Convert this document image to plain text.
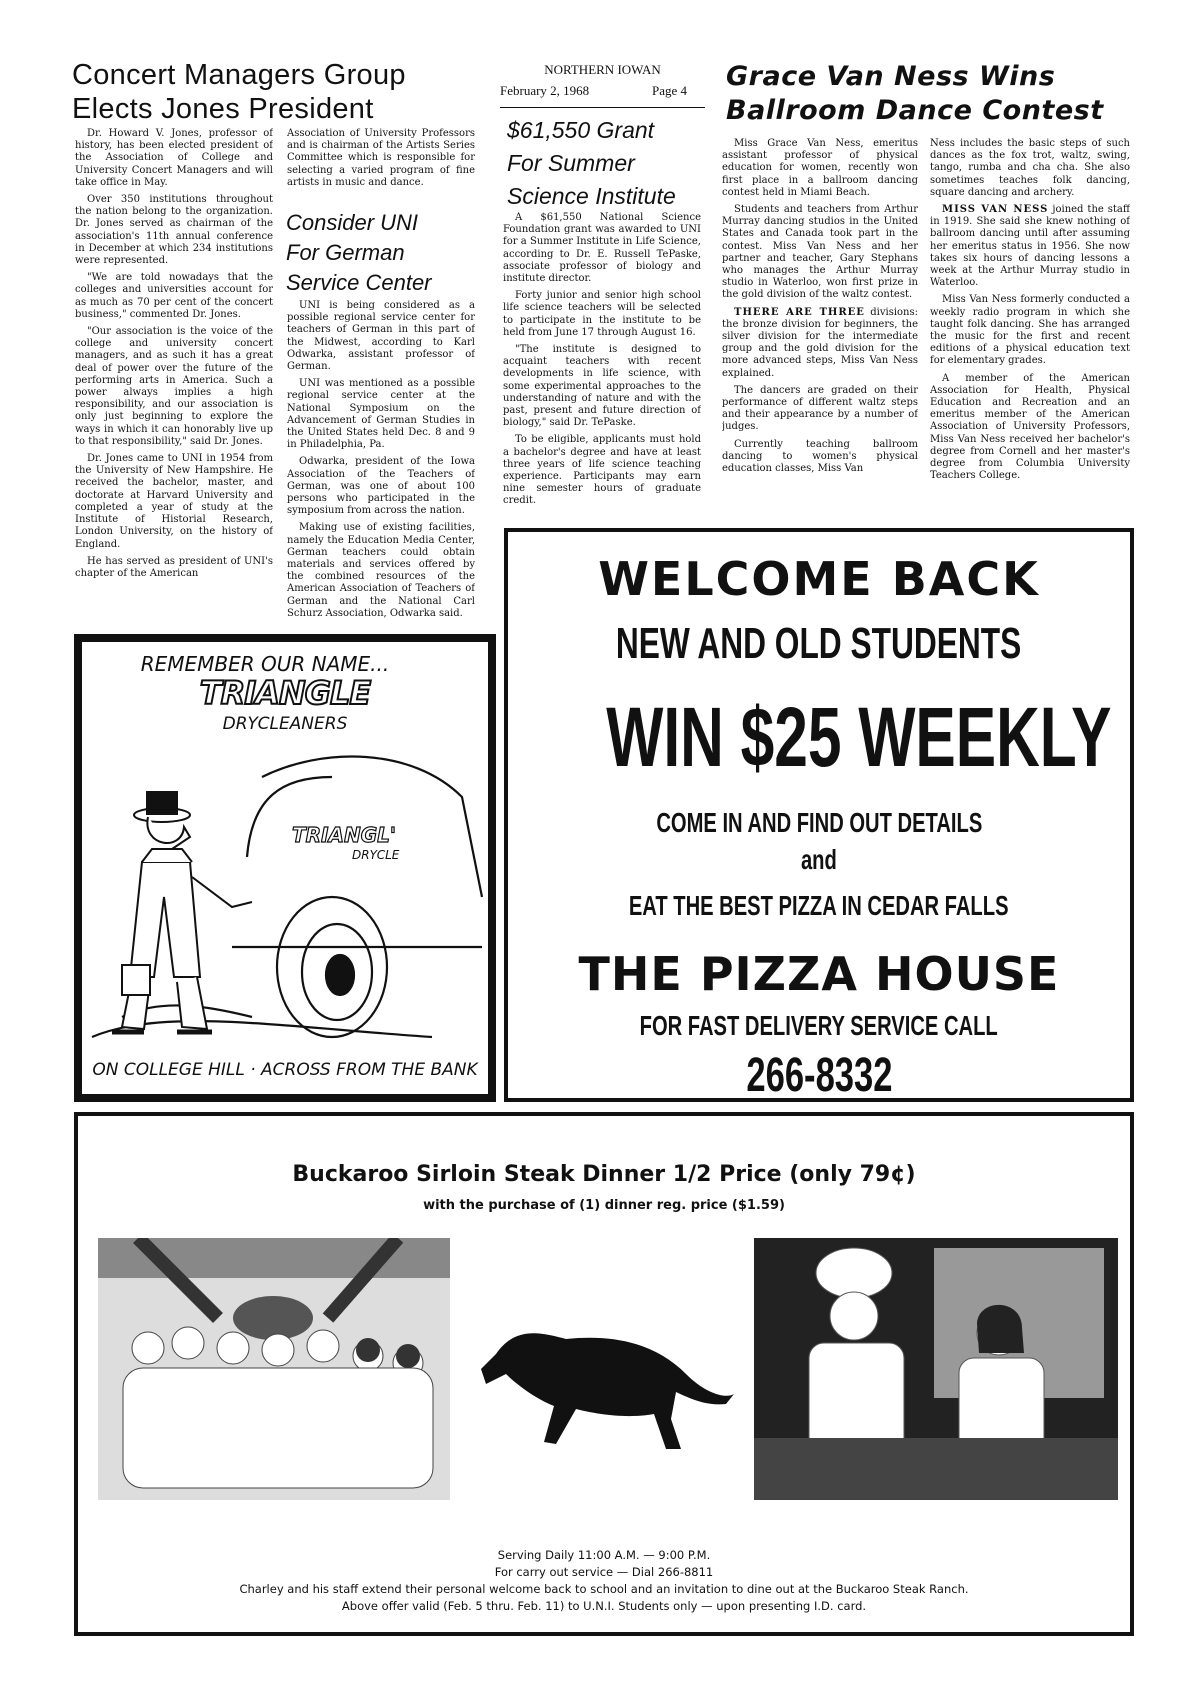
Concert Managers Group
Elects Jones President

Dr. Howard V. Jones, professor of history, has been elected president of the Association of College and University Concert Managers and will take office in May.

Over 350 institutions throughout the nation belong to the organization. Dr. Jones served as chairman of the association's 11th annual conference in December at which 234 institutions were represented.

"We are told nowadays that the colleges and universities account for as much as 70 per cent of the concert business," commented Dr. Jones.

"Our association is the voice of the college and university concert managers, and as such it has a great deal of power over the future of the performing arts in America. Such a power always implies a high responsibility, and our association is only just beginning to explore the ways in which it can honorably live up to that responsibility," said Dr. Jones.

Dr. Jones came to UNI in 1954 from the University of New Hampshire. He received the bachelor, master, and doctorate at Harvard University and completed a year of study at the Institute of Historial Research, London University, on the history of England.

He has served as president of UNI's chapter of the American

Association of University Professors and is chairman of the Artists Series Committee which is responsible for selecting a varied program of fine artists in music and dance.

Consider UNI
For German
Service Center

UNI is being considered as a possible regional service center for teachers of German in this part of the Midwest, according to Karl Odwarka, assistant professor of German.

UNI was mentioned as a possible regional service center at the National Symposium on the Advancement of German Studies in the United States held Dec. 8 and 9 in Philadelphia, Pa.

Odwarka, president of the Iowa Association of the Teachers of German, was one of about 100 persons who participated in the symposium from across the nation.

Making use of existing facilities, namely the Education Media Center, German teachers could obtain materials and services offered by the combined resources of the American Association of Teachers of German and the National Carl Schurz Association, Odwarka said.

NORTHERN IOWAN
February 2, 1968	Page 4
$61,550 Grant
For Summer
Science Institute

A $61,550 National Science Foundation grant was awarded to UNI for a Summer Institute in Life Science, according to Dr. E. Russell TePaske, associate professor of biology and institute director.

Forty junior and senior high school life science teachers will be selected to participate in the institute to be held from June 17 through August 16.

"The institute is designed to acquaint teachers with recent developments in life science, with some experimental approaches to the understanding of nature and with the past, present and future direction of biology," said Dr. TePaske.

To be eligible, applicants must hold a bachelor's degree and have at least three years of life science teaching experience. Participants may earn nine semester hours of graduate credit.

Grace Van Ness Wins
Ballroom Dance Contest

Miss Grace Van Ness, emeritus assistant professor of physical education for women, recently won first place in a ballroom dancing contest held in Miami Beach.

Students and teachers from Arthur Murray dancing studios in the United States and Canada took part in the contest. Miss Van Ness and her partner and teacher, Gary Stephans who manages the Arthur Murray studio in Waterloo, won first prize in the gold division of the waltz contest.

THERE ARE THREE divisions: the bronze division for beginners, the silver division for the intermediate group and the gold division for the more advanced steps, Miss Van Ness explained.

The dancers are graded on their performance of different waltz steps and their appearance by a number of judges.

Currently teaching ballroom dancing to women's physical education classes, Miss Van

Ness includes the basic steps of such dances as the fox trot, waltz, swing, tango, rumba and cha cha. She also sometimes teaches folk dancing, square dancing and archery.

MISS VAN NESS joined the staff in 1919. She said she knew nothing of ballroom dancing until after assuming her emeritus status in 1956. She now takes six hours of dancing lessons a week at the Arthur Murray studio in Waterloo.

Miss Van Ness formerly conducted a weekly radio program in which she taught folk dancing. She has arranged the music for the first and recent editions of a physical education text for elementary grades.

A member of the American Association for Health, Physical Education and Recreation and an emeritus member of the American Association of University Professors, Miss Van Ness received her bachelor's degree from Cornell and her master's degree from Columbia University Teachers College.

REMEMBER OUR NAME...
TRIANGLE
DRYCLEANERS
TRIANGL'
DRYCLE
ON COLLEGE HILL · ACROSS FROM THE BANK
WELCOME BACK
NEW AND OLD STUDENTS
WIN $25 WEEKLY
COME IN AND FIND OUT DETAILS
and
EAT THE BEST PIZZA IN CEDAR FALLS
THE PIZZA HOUSE
FOR FAST DELIVERY SERVICE CALL
266-8332
Buckaroo Sirloin Steak Dinner 1/2 Price (only 79¢)
with the purchase of (1) dinner reg. price ($1.59)
Serving Daily 11:00 A.M. — 9:00 P.M.
For carry out service — Dial 266-8811
Charley and his staff extend their personal welcome back to school and an invitation to dine out at the Buckaroo Steak Ranch.
Above offer valid (Feb. 5 thru. Feb. 11) to U.N.I. Students only — upon presenting I.D. card.
